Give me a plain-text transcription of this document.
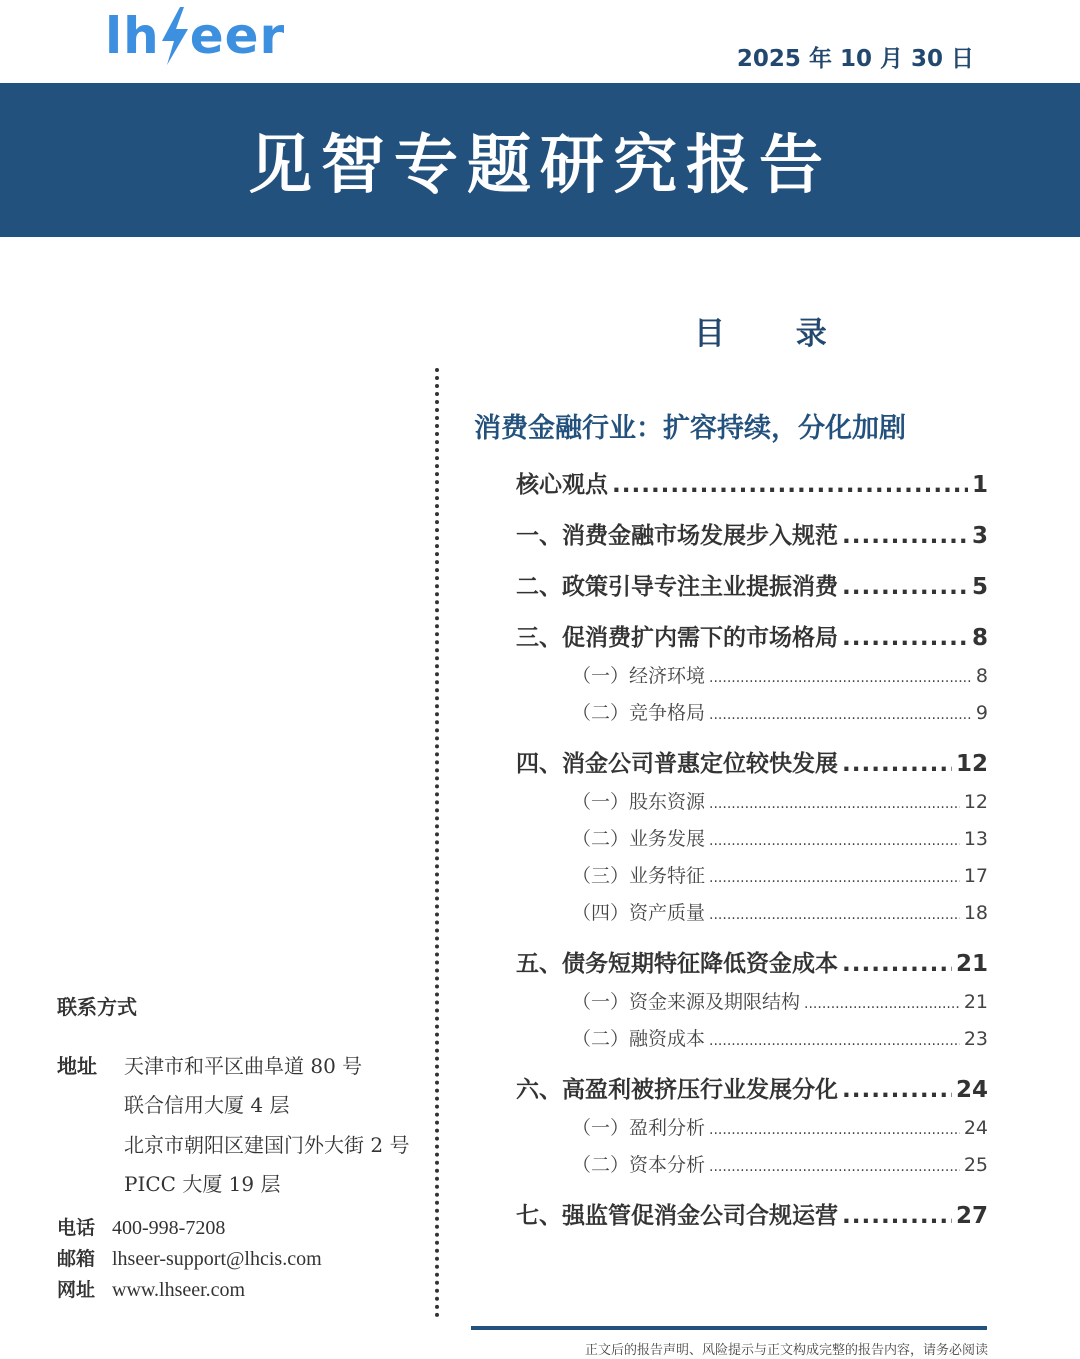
lh eer	2025 年 10 月 30 日
见智专题研究报告
目 录
联系方式
地址 天津市和平区曲阜道 80 号
联合信用大厦 4 层
北京市朝阳区建国门外大街 2 号
PICC 大厦 19 层
电话 400-998-7208
邮箱 lhseer-support@lhcis.com
网址 www.lhseer.com
消费金融行业：扩容持续，分化加剧
核心观点 .....	1
一、消费金融市场发展步入规范 .....	3
二、政策引导专注主业提振消费 .....	5
三、促消费扩内需下的市场格局 .....	8
（一）经济环境 .....	8
（二）竞争格局 .....	9
四、消金公司普惠定位较快发展 .....	12
（一）股东资源 .....	12
（二）业务发展 .....	13
（三）业务特征 .....	17
（四）资产质量 .....	18
五、债务短期特征降低资金成本 .....	21
（一）资金来源及期限结构 .....	21
（二）融资成本 .....	23
六、高盈利被挤压行业发展分化 .....	24
（一）盈利分析 .....	24
（二）资本分析 .....	25
七、强监管促消金公司合规运营 .....	27
正文后的报告声明、风险提示与正文构成完整的报告内容，请务必阅读
